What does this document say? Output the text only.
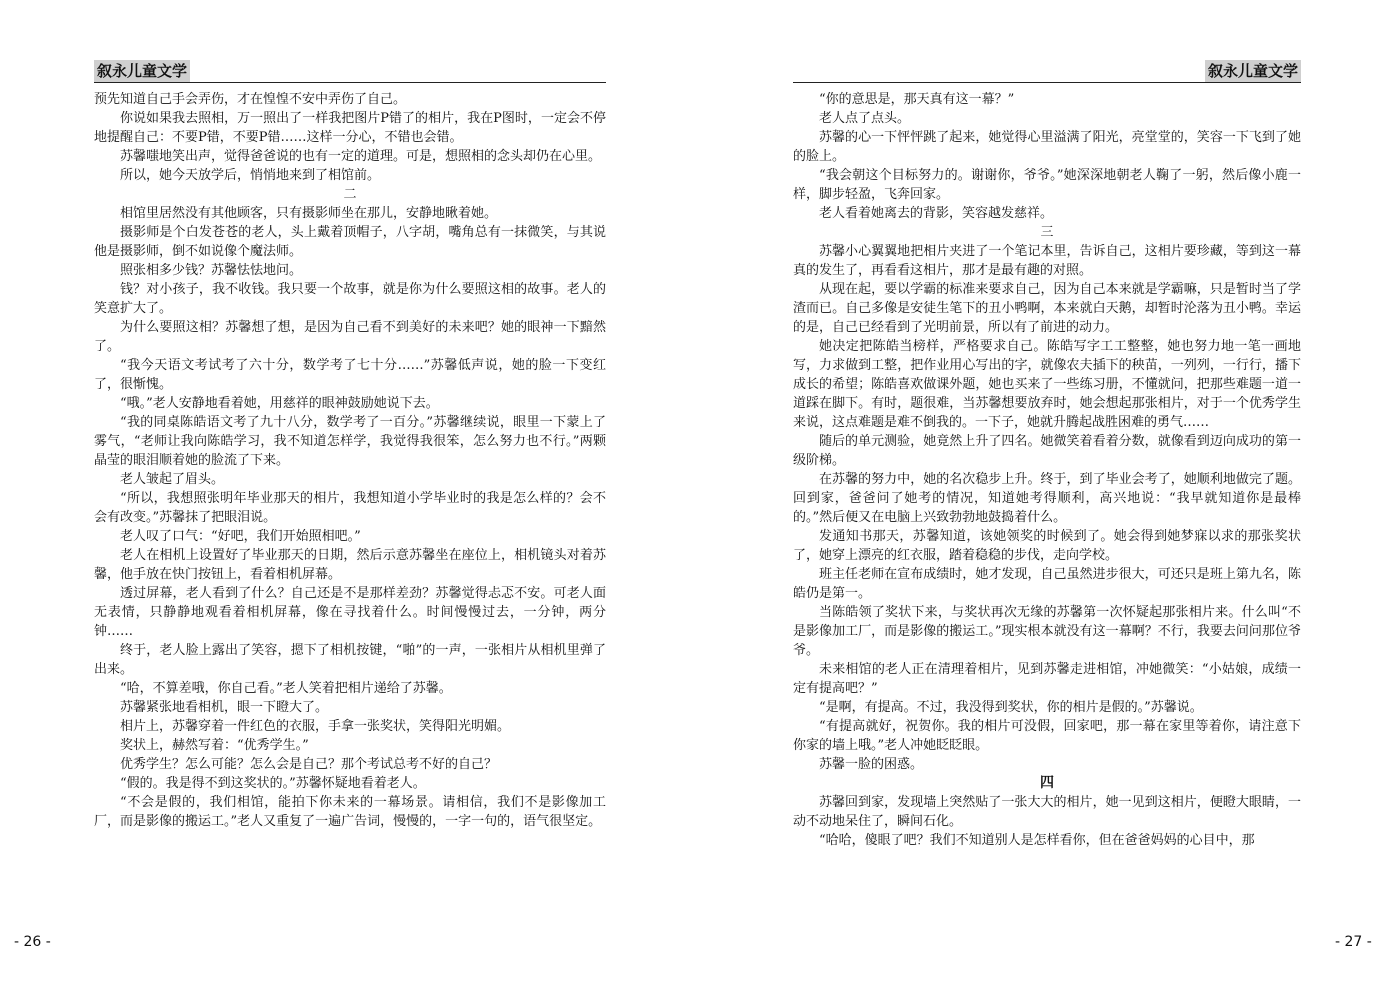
叙永儿童文学	叙永儿童文学

预先知道自己手会弄伤，才在惶惶不安中弄伤了自己。

你说如果我去照相，万一照出了一样我把图片P错了的相片，我在P图时，一定会不停地提醒自己：不要P错，不要P错……这样一分心，不错也会错。

苏馨嗤地笑出声，觉得爸爸说的也有一定的道理。可是，想照相的念头却仍在心里。

所以，她今天放学后，悄悄地来到了相馆前。

二

相馆里居然没有其他顾客，只有摄影师坐在那儿，安静地瞅着她。

摄影师是个白发苍苍的老人，头上戴着顶帽子，八字胡，嘴角总有一抹微笑，与其说他是摄影师，倒不如说像个魔法师。

照张相多少钱？苏馨怯怯地问。

钱？对小孩子，我不收钱。我只要一个故事，就是你为什么要照这相的故事。老人的笑意扩大了。

为什么要照这相？苏馨想了想，是因为自己看不到美好的未来吧？她的眼神一下黯然了。

“我今天语文考试考了六十分，数学考了七十分……”苏馨低声说，她的脸一下变红了，很惭愧。

“哦。”老人安静地看着她，用慈祥的眼神鼓励她说下去。

“我的同桌陈皓语文考了九十八分，数学考了一百分。”苏馨继续说，眼里一下蒙上了雾气，“老师让我向陈皓学习，我不知道怎样学，我觉得我很笨，怎么努力也不行。”两颗晶莹的眼泪顺着她的脸流了下来。

老人皱起了眉头。

“所以，我想照张明年毕业那天的相片，我想知道小学毕业时的我是怎么样的？会不会有改变。”苏馨抹了把眼泪说。

老人叹了口气：“好吧，我们开始照相吧。”

老人在相机上设置好了毕业那天的日期，然后示意苏馨坐在座位上，相机镜头对着苏馨，他手放在快门按钮上，看着相机屏幕。

透过屏幕，老人看到了什么？自己还是不是那样差劲？苏馨觉得忐忑不安。可老人面无表情，只静静地观看着相机屏幕，像在寻找着什么。时间慢慢过去，一分钟，两分钟……

终于，老人脸上露出了笑容，摁下了相机按键，“啪”的一声，一张相片从相机里弹了出来。

“哈，不算差哦，你自己看。”老人笑着把相片递给了苏馨。

苏馨紧张地看相机，眼一下瞪大了。

相片上，苏馨穿着一件红色的衣服，手拿一张奖状，笑得阳光明媚。

奖状上，赫然写着：“优秀学生。”

优秀学生？怎么可能？怎么会是自己？那个考试总考不好的自己？

“假的。我是得不到这奖状的。”苏馨怀疑地看着老人。

“不会是假的，我们相馆，能拍下你未来的一幕场景。请相信，我们不是影像加工厂，而是影像的搬运工。”老人又重复了一遍广告词，慢慢的，一字一句的，语气很坚定。

“你的意思是，那天真有这一幕？”

老人点了点头。

苏馨的心一下怦怦跳了起来，她觉得心里溢满了阳光，亮堂堂的，笑容一下飞到了她的脸上。

“我会朝这个目标努力的。谢谢你，爷爷。”她深深地朝老人鞠了一躬，然后像小鹿一样，脚步轻盈，飞奔回家。

老人看着她离去的背影，笑容越发慈祥。

三

苏馨小心翼翼地把相片夹进了一个笔记本里，告诉自己，这相片要珍藏，等到这一幕真的发生了，再看看这相片，那才是最有趣的对照。

从现在起，要以学霸的标准来要求自己，因为自己本来就是学霸嘛，只是暂时当了学渣而已。自己多像是安徒生笔下的丑小鸭啊，本来就白天鹅，却暂时沦落为丑小鸭。幸运的是，自己已经看到了光明前景，所以有了前进的动力。

她决定把陈皓当榜样，严格要求自己。陈皓写字工工整整，她也努力地一笔一画地写，力求做到工整，把作业用心写出的字，就像农夫插下的秧苗，一列列，一行行，播下成长的希望；陈皓喜欢做课外题，她也买来了一些练习册，不懂就问，把那些难题一道一道踩在脚下。有时，题很难，当苏馨想要放弃时，她会想起那张相片，对于一个优秀学生来说，这点难题是难不倒我的。一下子，她就升腾起战胜困难的勇气……

随后的单元测验，她竟然上升了四名。她微笑着看着分数，就像看到迈向成功的第一级阶梯。

在苏馨的努力中，她的名次稳步上升。终于，到了毕业会考了，她顺利地做完了题。回到家，爸爸问了她考的情况，知道她考得顺利，高兴地说：“我早就知道你是最棒的。”然后便又在电脑上兴致勃勃地鼓捣着什么。

发通知书那天，苏馨知道，该她领奖的时候到了。她会得到她梦寐以求的那张奖状了，她穿上漂亮的红衣服，踏着稳稳的步伐，走向学校。

班主任老师在宣布成绩时，她才发现，自己虽然进步很大，可还只是班上第九名，陈皓仍是第一。

当陈皓领了奖状下来，与奖状再次无缘的苏馨第一次怀疑起那张相片来。什么叫“不是影像加工厂，而是影像的搬运工。”现实根本就没有这一幕啊？不行，我要去问问那位爷爷。

未来相馆的老人正在清理着相片，见到苏馨走进相馆，冲她微笑：“小姑娘，成绩一定有提高吧？”

“是啊，有提高。不过，我没得到奖状，你的相片是假的。”苏馨说。

“有提高就好，祝贺你。我的相片可没假，回家吧，那一幕在家里等着你，请注意下你家的墙上哦。”老人冲她眨眨眼。

苏馨一脸的困惑。

四

苏馨回到家，发现墙上突然贴了一张大大的相片，她一见到这相片，便瞪大眼睛，一动不动地呆住了，瞬间石化。

“哈哈，傻眼了吧？我们不知道别人是怎样看你，但在爸爸妈妈的心目中，那

- 26 -	- 27 -
